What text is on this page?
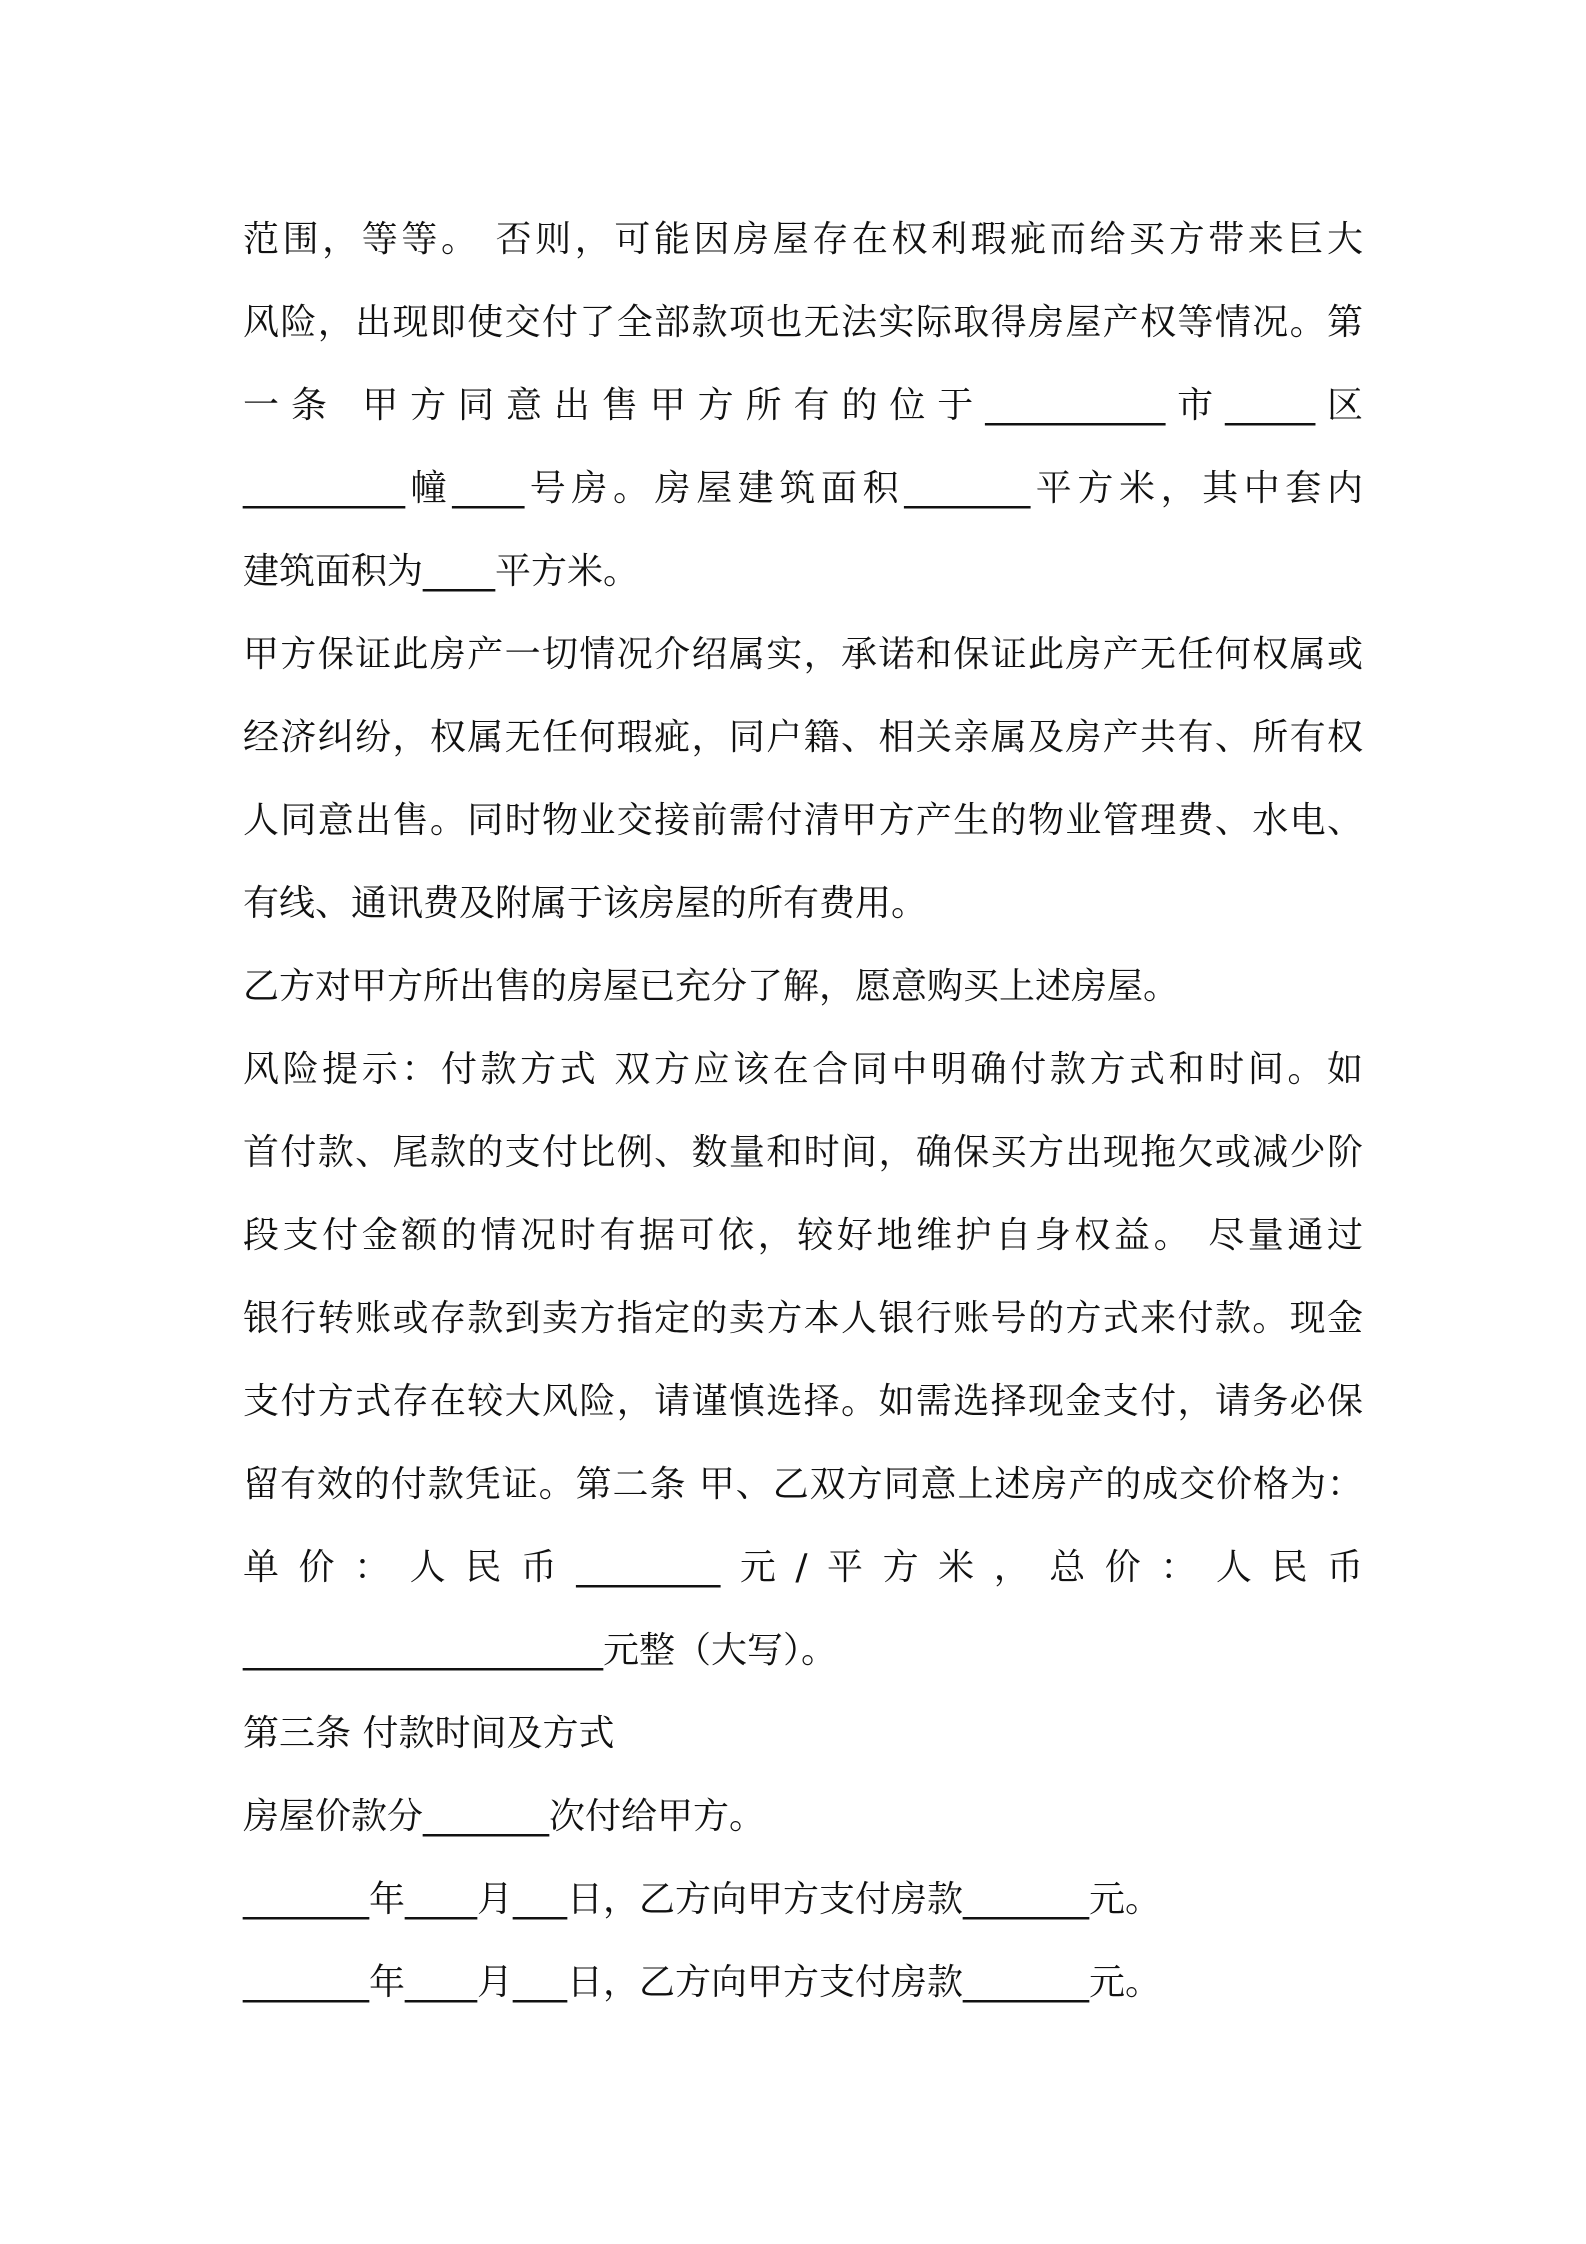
范围，等等。 否则，可能因房屋存在权利瑕疵而给买方带来巨大
风险，出现即使交付了全部款项也无法实际取得房屋产权等情况。第
一条 甲方同意出售甲方所有的位于__________市_____区
_________幢____号房。房屋建筑面积_______平方米，其中套内
建筑面积为____平方米。
甲方保证此房产一切情况介绍属实，承诺和保证此房产无任何权属或
经济纠纷，权属无任何瑕疵，同户籍、相关亲属及房产共有、所有权
人同意出售。同时物业交接前需付清甲方产生的物业管理费、水电、
有线、通讯费及附属于该房屋的所有费用。
乙方对甲方所出售的房屋已充分了解，愿意购买上述房屋。
风险提示：付款方式 双方应该在合同中明确付款方式和时间。如
首付款、尾款的支付比例、数量和时间，确保买方出现拖欠或减少阶
段支付金额的情况时有据可依，较好地维护自身权益。 尽量通过
银行转账或存款到卖方指定的卖方本人银行账号的方式来付款。现金
支付方式存在较大风险，请谨慎选择。如需选择现金支付，请务必保
留有效的付款凭证。第二条 甲、乙双方同意上述房产的成交价格为：
单价：人民币________元/平方米，总价：人民币
____________________元整（大写）。
第三条 付款时间及方式
房屋价款分_______次付给甲方。
_______年____月___日，乙方向甲方支付房款_______元。
_______年____月___日，乙方向甲方支付房款_______元。
